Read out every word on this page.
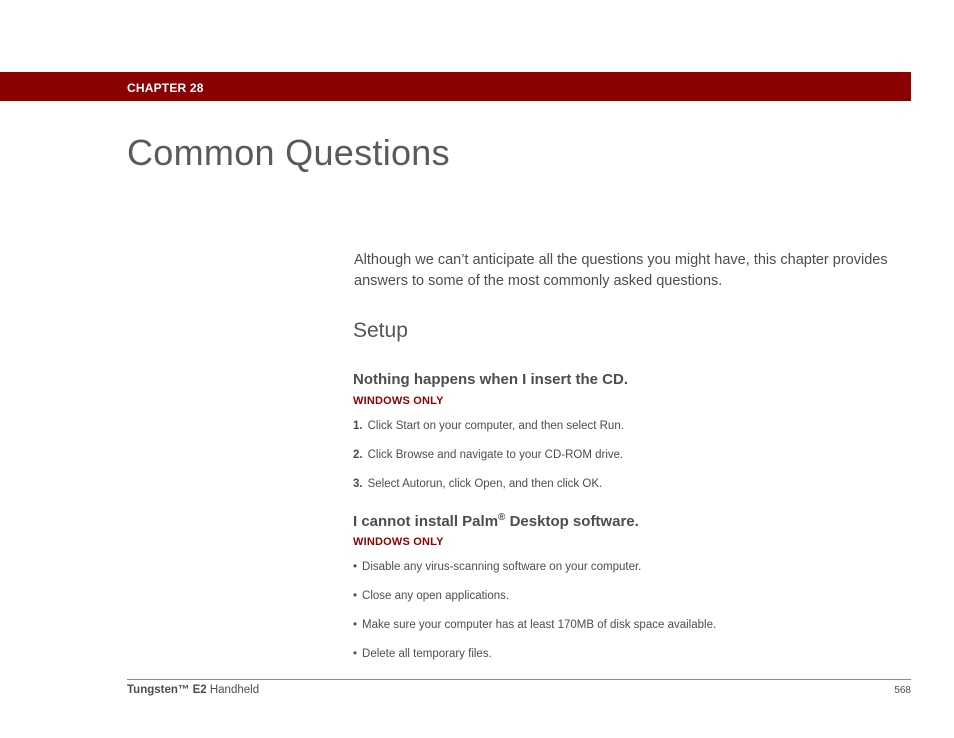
CHAPTER 28
Common Questions

Although we can’t anticipate all the questions you might have, this chapter provides answers to some of the most commonly asked questions.

Setup
Nothing happens when I insert the CD.
WINDOWS ONLY
1. Click Start on your computer, and then select Run.
2. Click Browse and navigate to your CD-ROM drive.
3. Select Autorun, click Open, and then click OK.
I cannot install Palm® Desktop software.
WINDOWS ONLY
• Disable any virus-scanning software on your computer.
• Close any open applications.
• Make sure your computer has at least 170MB of disk space available.
• Delete all temporary files.
Tungsten™ E2 Handheld	568
